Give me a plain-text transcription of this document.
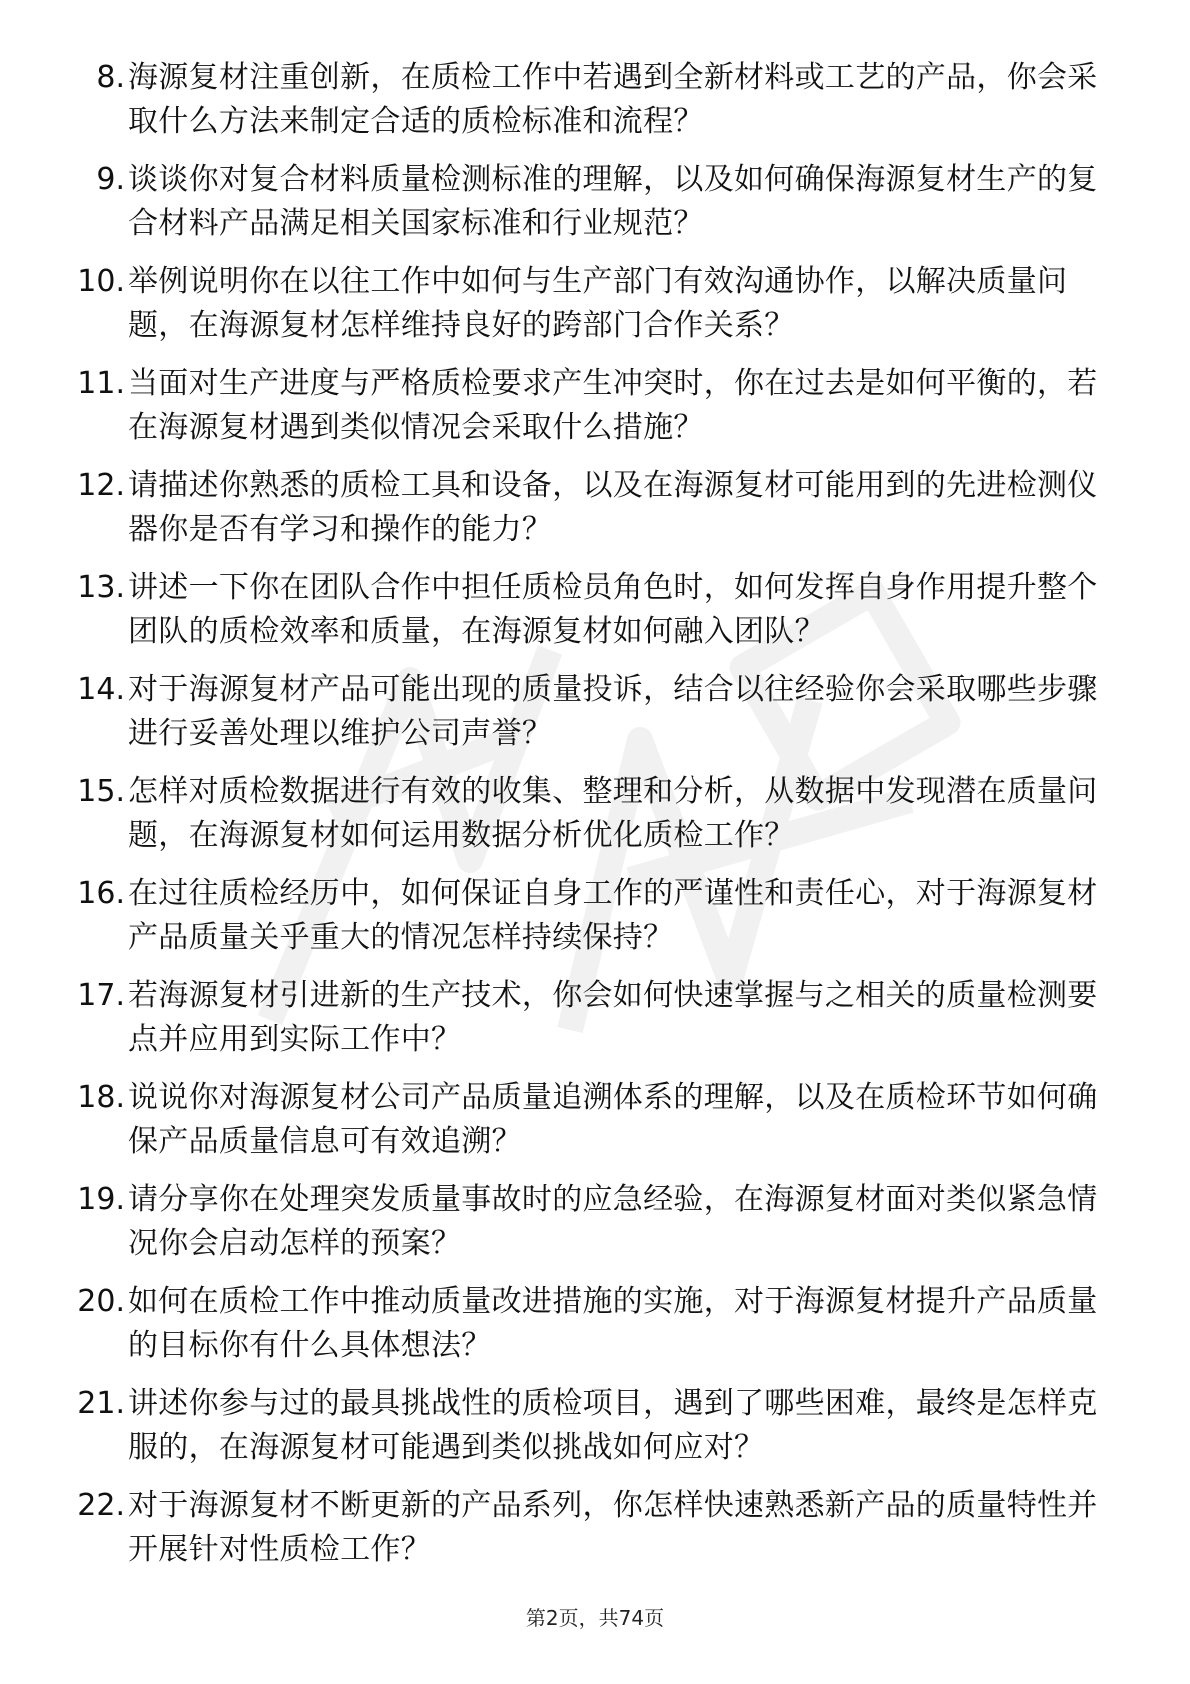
8. 海源复材注重创新，在质检工作中若遇到全新材料或工艺的产品，你会采取什么方法来制定合适的质检标准和流程？
9. 谈谈你对复合材料质量检测标准的理解，以及如何确保海源复材生产的复合材料产品满足相关国家标准和行业规范？
10. 举例说明你在以往工作中如何与生产部门有效沟通协作，以解决质量问题，在海源复材怎样维持良好的跨部门合作关系？
11. 当面对生产进度与严格质检要求产生冲突时，你在过去是如何平衡的，若在海源复材遇到类似情况会采取什么措施？
12. 请描述你熟悉的质检工具和设备，以及在海源复材可能用到的先进检测仪器你是否有学习和操作的能力？
13. 讲述一下你在团队合作中担任质检员角色时，如何发挥自身作用提升整个团队的质检效率和质量，在海源复材如何融入团队？
14. 对于海源复材产品可能出现的质量投诉，结合以往经验你会采取哪些步骤进行妥善处理以维护公司声誉？
15. 怎样对质检数据进行有效的收集、整理和分析，从数据中发现潜在质量问题，在海源复材如何运用数据分析优化质检工作？
16. 在过往质检经历中，如何保证自身工作的严谨性和责任心，对于海源复材产品质量关乎重大的情况怎样持续保持？
17. 若海源复材引进新的生产技术，你会如何快速掌握与之相关的质量检测要点并应用到实际工作中？
18. 说说你对海源复材公司产品质量追溯体系的理解，以及在质检环节如何确保产品质量信息可有效追溯？
19. 请分享你在处理突发质量事故时的应急经验，在海源复材面对类似紧急情况你会启动怎样的预案？
20. 如何在质检工作中推动质量改进措施的实施，对于海源复材提升产品质量的目标你有什么具体想法？
21. 讲述你参与过的最具挑战性的质检项目，遇到了哪些困难，最终是怎样克服的，在海源复材可能遇到类似挑战如何应对？
22. 对于海源复材不断更新的产品系列，你怎样快速熟悉新产品的质量特性并开展针对性质检工作？
第2页，共74页
